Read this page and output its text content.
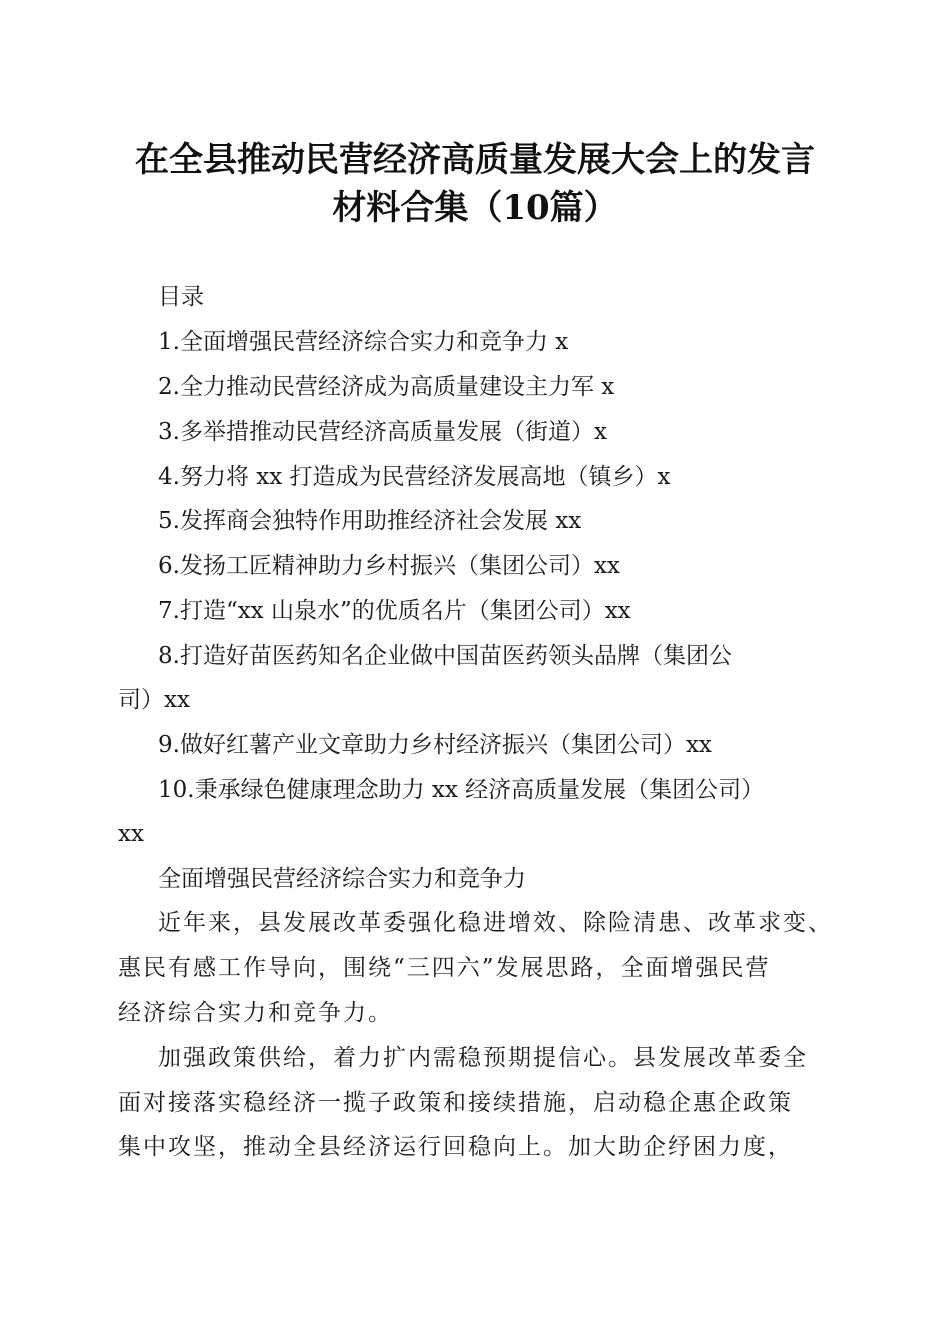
在全县推动民营经济高质量发展大会上的发言
材料合集（10篇）
目录
1.全面增强民营经济综合实力和竞争力 x
2.全力推动民营经济成为高质量建设主力军 x
3.多举措推动民营经济高质量发展（街道）x
4.努力将 xx 打造成为民营经济发展高地（镇乡）x
5.发挥商会独特作用助推经济社会发展 xx
6.发扬工匠精神助力乡村振兴（集团公司）xx
7.打造“xx 山泉水”的优质名片（集团公司）xx
8.打造好苗医药知名企业做中国苗医药领头品牌（集团公
司）xx
9.做好红薯产业文章助力乡村经济振兴（集团公司）xx
10.秉承绿色健康理念助力 xx 经济高质量发展（集团公司）
xx
全面增强民营经济综合实力和竞争力
近年来，县发展改革委强化稳进增效、除险清患、改革求变、
惠民有感工作导向，围绕“三四六”发展思路，全面增强民营
经济综合实力和竞争力。
加强政策供给，着力扩内需稳预期提信心。县发展改革委全
面对接落实稳经济一揽子政策和接续措施，启动稳企惠企政策
集中攻坚，推动全县经济运行回稳向上。加大助企纾困力度，
